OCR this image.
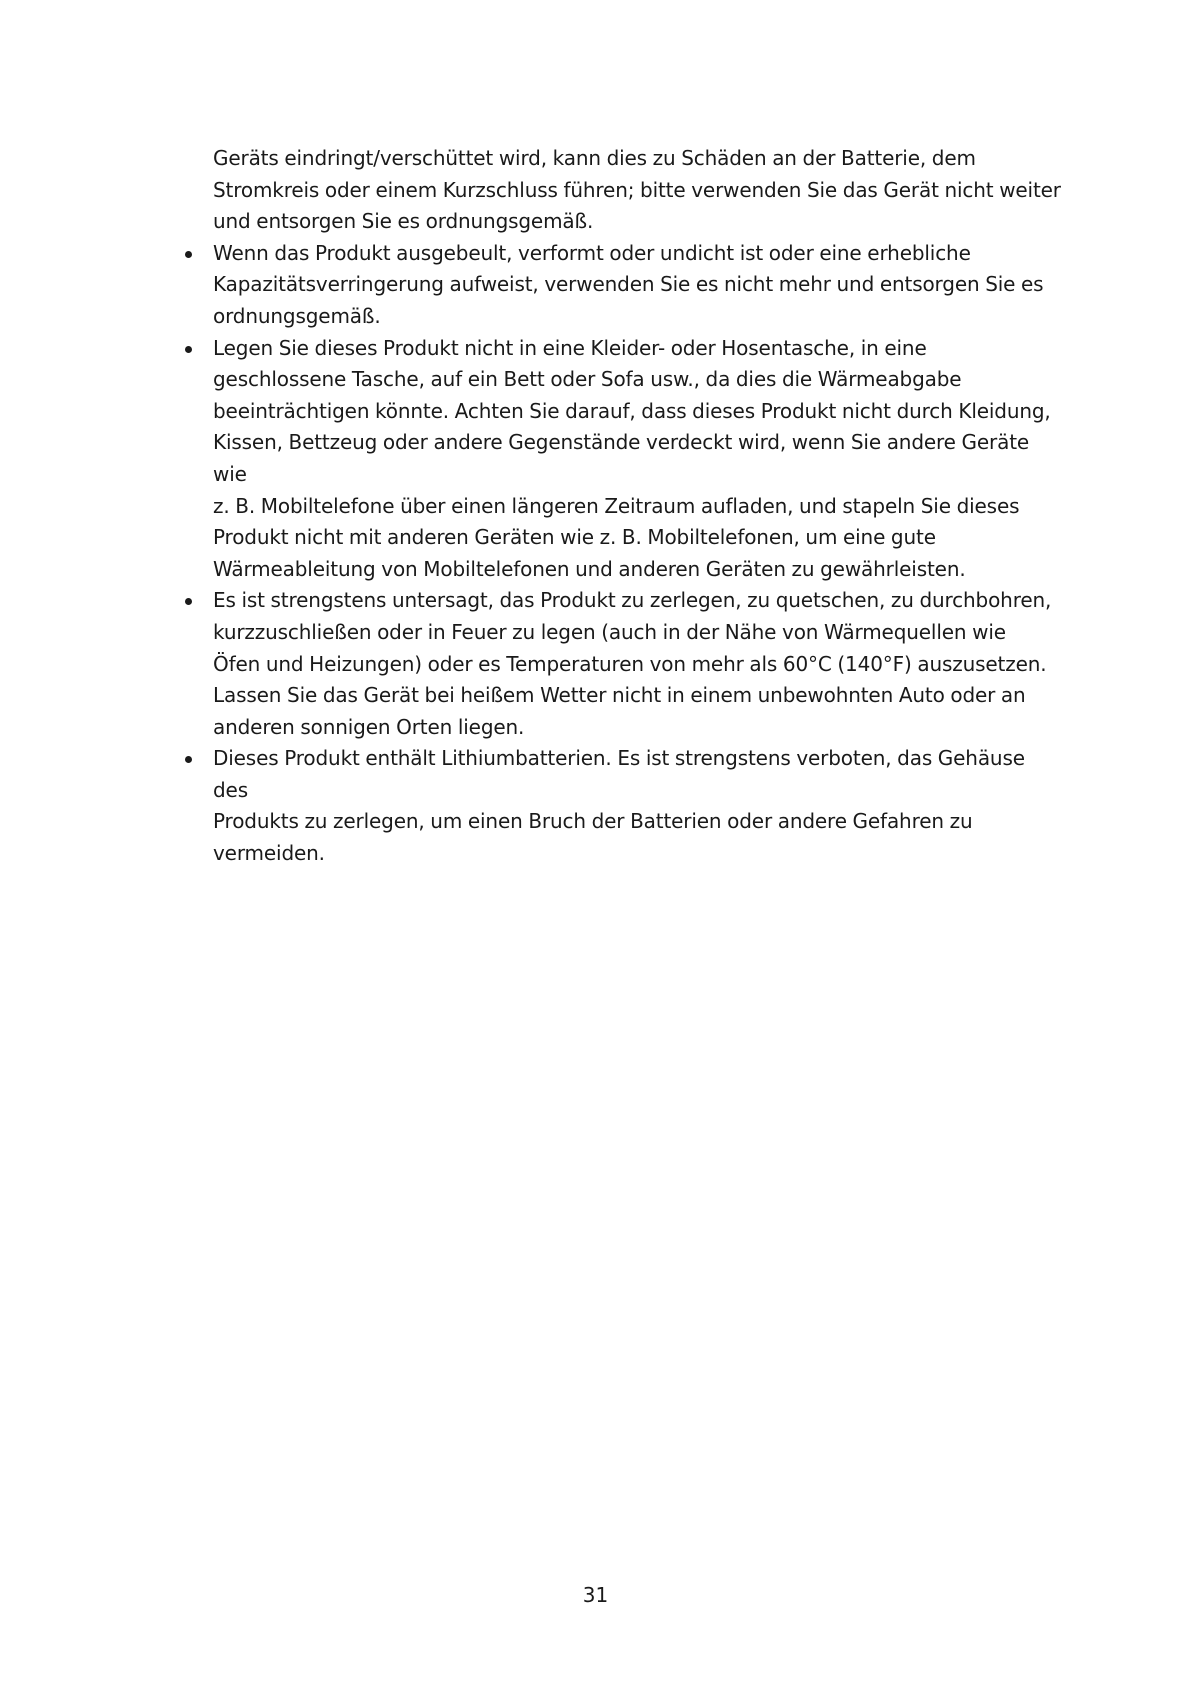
Geräts eindringt/verschüttet wird, kann dies zu Schäden an der Batterie, dem
Stromkreis oder einem Kurzschluss führen; bitte verwenden Sie das Gerät nicht weiter
und entsorgen Sie es ordnungsgemäß.

Wenn das Produkt ausgebeult, verformt oder undicht ist oder eine erhebliche
Kapazitätsverringerung aufweist, verwenden Sie es nicht mehr und entsorgen Sie es
ordnungsgemäß.

Legen Sie dieses Produkt nicht in eine Kleider- oder Hosentasche, in eine
geschlossene Tasche, auf ein Bett oder Sofa usw., da dies die Wärmeabgabe
beeinträchtigen könnte. Achten Sie darauf, dass dieses Produkt nicht durch Kleidung,
Kissen, Bettzeug oder andere Gegenstände verdeckt wird, wenn Sie andere Geräte wie
z. B. Mobiltelefone über einen längeren Zeitraum aufladen, und stapeln Sie dieses
Produkt nicht mit anderen Geräten wie z. B. Mobiltelefonen, um eine gute
Wärmeableitung von Mobiltelefonen und anderen Geräten zu gewährleisten.

Es ist strengstens untersagt, das Produkt zu zerlegen, zu quetschen, zu durchbohren,
kurzzuschließen oder in Feuer zu legen (auch in der Nähe von Wärmequellen wie
Öfen und Heizungen) oder es Temperaturen von mehr als 60°C (140°F) auszusetzen.
Lassen Sie das Gerät bei heißem Wetter nicht in einem unbewohnten Auto oder an
anderen sonnigen Orten liegen.

Dieses Produkt enthält Lithiumbatterien. Es ist strengstens verboten, das Gehäuse des
Produkts zu zerlegen, um einen Bruch der Batterien oder andere Gefahren zu
vermeiden.

31
